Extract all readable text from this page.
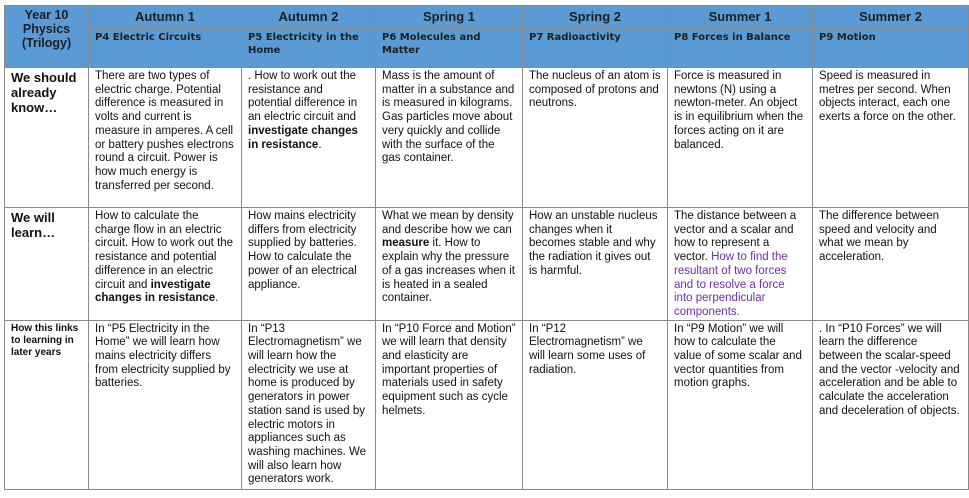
Year 10 Physics (Trilogy)	Autumn 1	Autumn 2	Spring 1	Spring 2	Summer 1	Summer 2
	P4 Electric Circuits	P5 Electricity in the Home	P6 Molecules and Matter	P7 Radioactivity	P8 Forces in Balance	P9 Motion
We should already know…	There are two types of electric charge. Potential difference is measured in volts and current is measure in amperes. A cell or battery pushes electrons round a circuit. Power is how much energy is transferred per second.	. How to work out the resistance and potential difference in an electric circuit and investigate changes in resistance.	Mass is the amount of matter in a substance and is measured in kilograms. Gas particles move about very quickly and collide with the surface of the gas container.	The nucleus of an atom is composed of protons and neutrons.	Force is measured in newtons (N) using a newton-meter. An object is in equilibrium when the forces acting on it are balanced.	Speed is measured in metres per second. When objects interact, each one exerts a force on the other.
We will learn…	How to calculate the charge flow in an electric circuit. How to work out the resistance and potential difference in an electric circuit and investigate changes in resistance.	How mains electricity differs from electricity supplied by batteries. How to calculate the power of an electrical appliance.	What we mean by density and describe how we can measure it. How to explain why the pressure of a gas increases when it is heated in a sealed container.	How an unstable nucleus changes when it becomes stable and why the radiation it gives out is harmful.	The distance between a vector and a scalar and how to represent a vector. How to find the resultant of two forces and to resolve a force into perpendicular components.	The difference between speed and velocity and what we mean by acceleration.
How this links to learning in later years	In “P5 Electricity in the Home” we will learn how mains electricity differs from electricity supplied by batteries.	In “P13 Electromagnetism” we will learn how the electricity we use at home is produced by generators in power station sand is used by electric motors in appliances such as washing machines. We will also learn how generators work.	In “P10 Force and Motion” we will learn that density and elasticity are important properties of materials used in safety equipment such as cycle helmets.	In “P12 Electromagnetism” we will learn some uses of radiation.	In “P9 Motion” we will how to calculate the value of some scalar and vector quantities from motion graphs.	. In “P10 Forces” we will learn the difference between the scalar-speed and the vector -velocity and acceleration and be able to calculate the acceleration and deceleration of objects.
